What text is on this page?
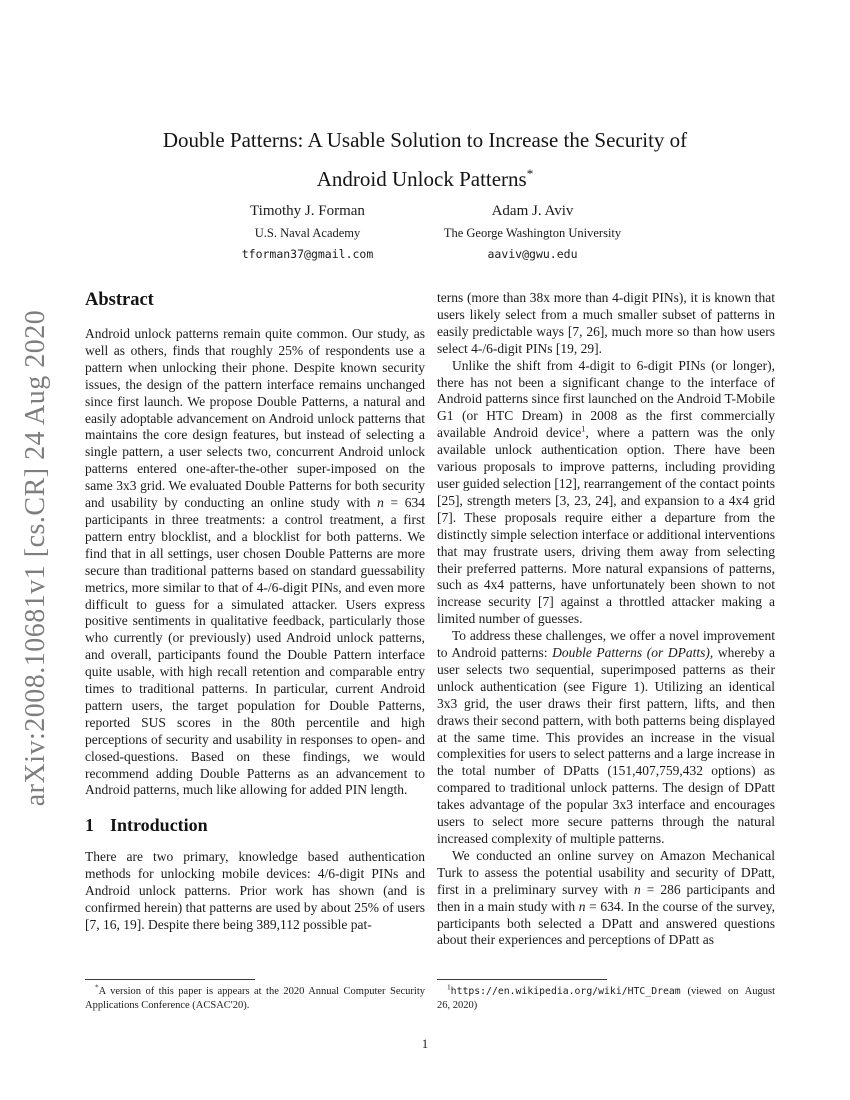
arXiv:2008.10681v1 [cs.CR] 24 Aug 2020
Double Patterns: A Usable Solution to Increase the Security of
Android Unlock Patterns*
Timothy J. Forman
U.S. Naval Academy
tforman37@gmail.com
Adam J. Aviv
The George Washington University
aaviv@gwu.edu
Abstract

Android unlock patterns remain quite common. Our study, as well as others, finds that roughly 25% of respondents use a pattern when unlocking their phone. Despite known security issues, the design of the pattern interface remains unchanged since first launch. We propose Double Patterns, a natural and easily adoptable advancement on Android unlock patterns that maintains the core design features, but instead of selecting a single pattern, a user selects two, concurrent Android unlock patterns entered one-after-the-other super-imposed on the same 3x3 grid. We evaluated Double Patterns for both security and usability by conducting an online study with n = 634 participants in three treatments: a control treatment, a first pattern entry blocklist, and a blocklist for both patterns. We find that in all settings, user chosen Double Patterns are more secure than traditional patterns based on standard guessability metrics, more similar to that of 4-/6-digit PINs, and even more difficult to guess for a simulated attacker. Users express positive sentiments in qualitative feedback, particularly those who currently (or previously) used Android unlock patterns, and overall, participants found the Double Pattern interface quite usable, with high recall retention and comparable entry times to traditional patterns. In particular, current Android pattern users, the target population for Double Patterns, reported SUS scores in the 80th percentile and high perceptions of security and usability in responses to open- and closed-questions. Based on these findings, we would recommend adding Double Patterns as an advancement to Android patterns, much like allowing for added PIN length.

1 Introduction

There are two primary, knowledge based authentication methods for unlocking mobile devices: 4/6-digit PINs and Android unlock patterns. Prior work has shown (and is confirmed herein) that patterns are used by about 25% of users [7, 16, 19]. Despite there being 389,112 possible pat-

terns (more than 38x more than 4-digit PINs), it is known that users likely select from a much smaller subset of patterns in easily predictable ways [7, 26], much more so than how users select 4-/6-digit PINs [19, 29].

Unlike the shift from 4-digit to 6-digit PINs (or longer), there has not been a significant change to the interface of Android patterns since first launched on the Android T-Mobile G1 (or HTC Dream) in 2008 as the first commercially available Android device$^1$, where a pattern was the only available unlock authentication option. There have been various proposals to improve patterns, including providing user guided selection [12], rearrangement of the contact points [25], strength meters [3, 23, 24], and expansion to a 4x4 grid [7]. These proposals require either a departure from the distinctly simple selection interface or additional interventions that may frustrate users, driving them away from selecting their preferred patterns. More natural expansions of patterns, such as 4x4 patterns, have unfortunately been shown to not increase security [7] against a throttled attacker making a limited number of guesses.

To address these challenges, we offer a novel improvement to Android patterns: Double Patterns (or DPatts), whereby a user selects two sequential, superimposed patterns as their unlock authentication (see Figure 1). Utilizing an identical 3x3 grid, the user draws their first pattern, lifts, and then draws their second pattern, with both patterns being displayed at the same time. This provides an increase in the visual complexities for users to select patterns and a large increase in the total number of DPatts (151,407,759,432 options) as compared to traditional unlock patterns. The design of DPatt takes advantage of the popular 3x3 interface and encourages users to select more secure patterns through the natural increased complexity of multiple patterns.

We conducted an online survey on Amazon Mechanical Turk to assess the potential usability and security of DPatt, first in a preliminary survey with n = 286 participants and then in a main study with n = 634. In the course of the survey, participants both selected a DPatt and answered questions about their experiences and perceptions of DPatt as

*A version of this paper is appears at the 2020 Annual Computer Security Applications Conference (ACSAC'20).

$^1$https://en.wikipedia.org/wiki/HTC_Dream (viewed on August 26, 2020)

1
